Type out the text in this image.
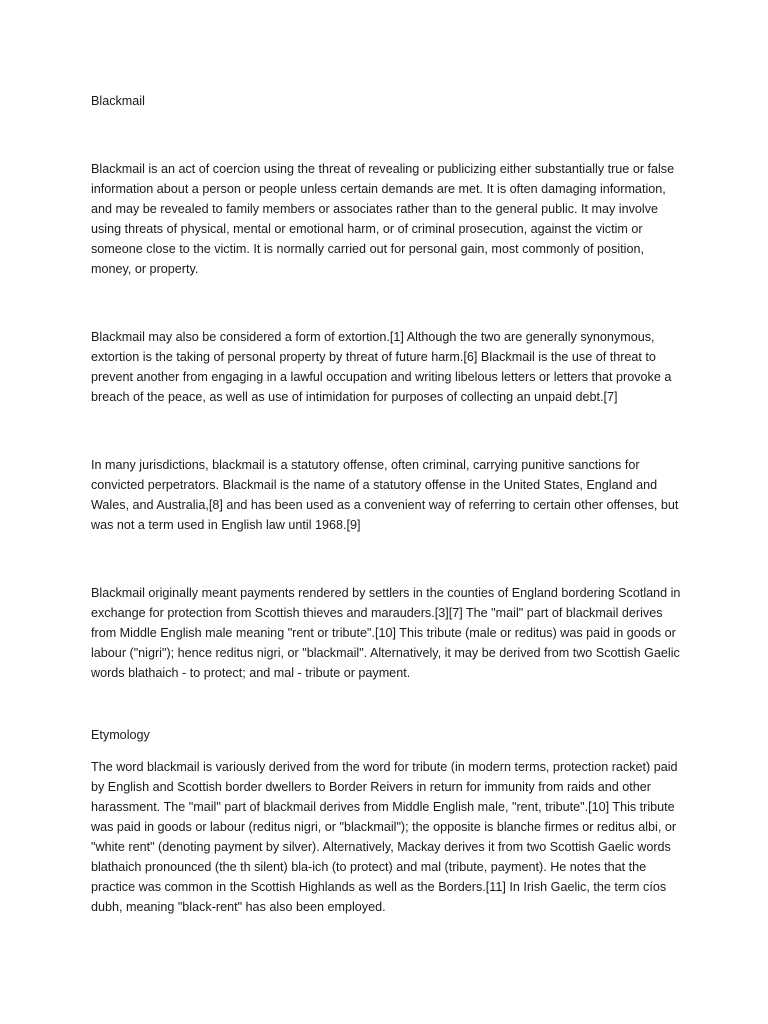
Blackmail

Blackmail is an act of coercion using the threat of revealing or publicizing either substantially true or false information about a person or people unless certain demands are met. It is often damaging information, and may be revealed to family members or associates rather than to the general public. It may involve using threats of physical, mental or emotional harm, or of criminal prosecution, against the victim or someone close to the victim. It is normally carried out for personal gain, most commonly of position, money, or property.

Blackmail may also be considered a form of extortion.[1] Although the two are generally synonymous, extortion is the taking of personal property by threat of future harm.[6] Blackmail is the use of threat to prevent another from engaging in a lawful occupation and writing libelous letters or letters that provoke a breach of the peace, as well as use of intimidation for purposes of collecting an unpaid debt.[7]

In many jurisdictions, blackmail is a statutory offense, often criminal, carrying punitive sanctions for convicted perpetrators. Blackmail is the name of a statutory offense in the United States, England and Wales, and Australia,[8] and has been used as a convenient way of referring to certain other offenses, but was not a term used in English law until 1968.[9]

Blackmail originally meant payments rendered by settlers in the counties of England bordering Scotland in exchange for protection from Scottish thieves and marauders.[3][7] The "mail" part of blackmail derives from Middle English male meaning "rent or tribute".[10] This tribute (male or reditus) was paid in goods or labour ("nigri"); hence reditus nigri, or "blackmail". Alternatively, it may be derived from two Scottish Gaelic words blathaich - to protect; and mal - tribute or payment.

Etymology

The word blackmail is variously derived from the word for tribute (in modern terms, protection racket) paid by English and Scottish border dwellers to Border Reivers in return for immunity from raids and other harassment. The "mail" part of blackmail derives from Middle English male, "rent, tribute".[10] This tribute was paid in goods or labour (reditus nigri, or "blackmail"); the opposite is blanche firmes or reditus albi, or "white rent" (denoting payment by silver). Alternatively, Mackay derives it from two Scottish Gaelic words blathaich pronounced (the th silent) bla-ich (to protect) and mal (tribute, payment). He notes that the practice was common in the Scottish Highlands as well as the Borders.[11] In Irish Gaelic, the term cíos dubh, meaning "black-rent" has also been employed.
